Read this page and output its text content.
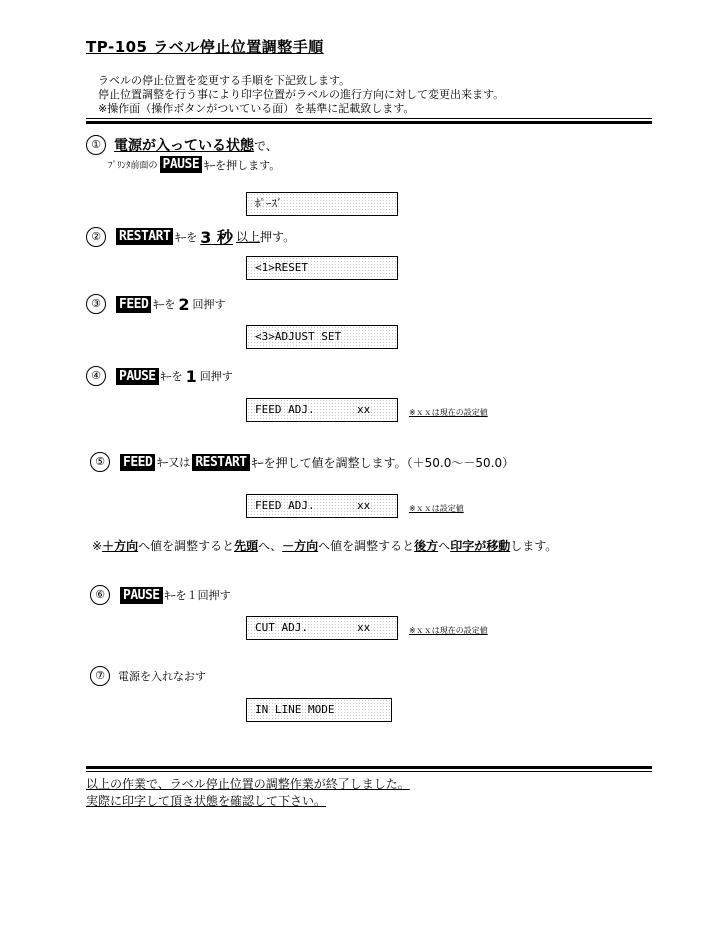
TP-105 ラベル停止位置調整手順
ラベルの停止位置を変更する手順を下記致します。
停止位置調整を行う事により印字位置がラベルの進行方向に対して変更出来ます。
※操作面（操作ボタンがついている面）を基準に記載致します。
① 電源が入っている状態 で、
ﾌﾟﾘﾝﾀ前面の PAUSE ｷｰを押します。
ﾎﾟｰｽﾞ
②	RESTART ｷｰを 3 秒 以上 押す。
<1>RESET
③	FEED ｷｰを 2 回押す
<3>ADJUST SET
④	PAUSE ｷｰを 1 回押す
FEED ADJ.	xx	※ｘｘは現在の設定値
⑤	FEED ｷｰ又は RESTART ｷｰを押して値を調整します。（＋50.0～－50.0）
FEED ADJ.	xx	※ｘｘは設定値
※＋方向へ値を調整すると先頭へ、－方向へ値を調整すると後方へ印字が移動します。
⑥	PAUSE ｷｰを１回押す
CUT ADJ.	xx	※ｘｘは現在の設定値
⑦	電源を入れなおす
IN LINE MODE
以上の作業で、ラベル停止位置の調整作業が終了しました。
実際に印字して頂き状態を確認して下さい。
